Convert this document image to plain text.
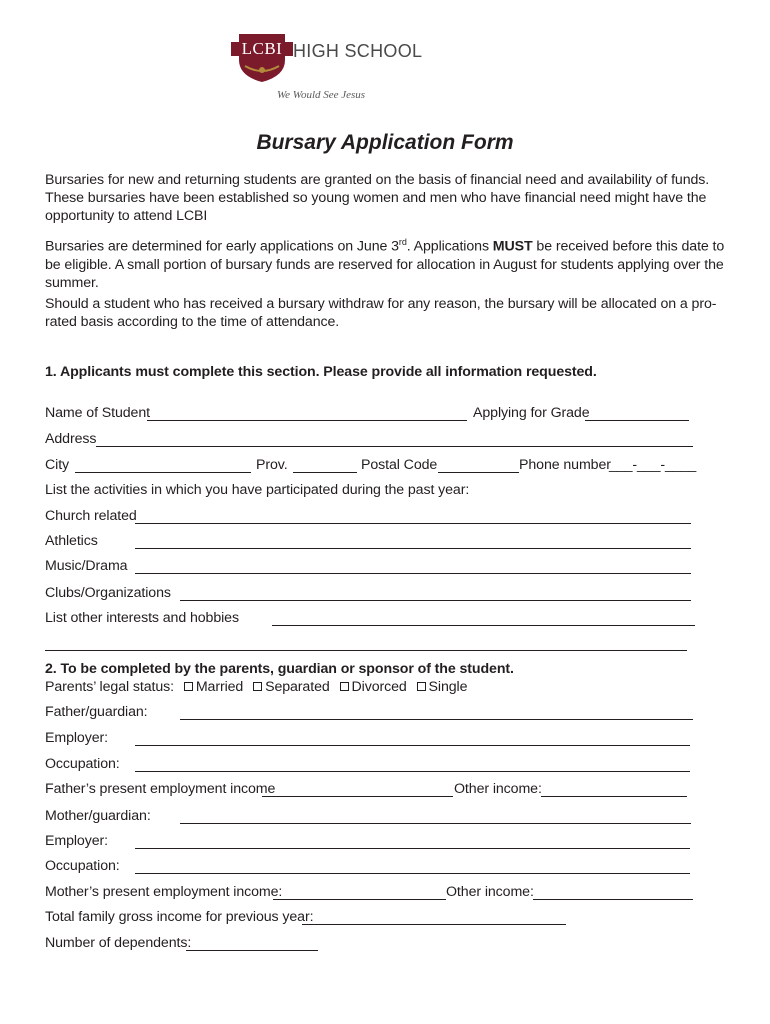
LCBI HIGH SCHOOL
We Would See Jesus
Bursary Application Form
Bursaries for new and returning students are granted on the basis of financial need and availability of funds. These bursaries have been established so young women and men who have financial need might have the opportunity to attend LCBI
Bursaries are determined for early applications on June 3rd. Applications MUST be received before this date to be eligible. A small portion of bursary funds are reserved for allocation in August for students applying over the summer.
Should a student who has received a bursary withdraw for any reason, the bursary will be allocated on a pro-rated basis according to the time of attendance.
1. Applicants must complete this section. Please provide all information requested.
Name of Student	Applying for Grade
Address
City	Prov.	Postal Code	Phone number
___-___-____
List the activities in which you have participated during the past year:
Church related
Athletics
Music/Drama
Clubs/Organizations
List other interests and hobbies
2. To be completed by the parents, guardian or sponsor of the student.
Parents’ legal status: Married Separated Divorced Single
Father/guardian:
Employer:
Occupation:
Father’s present employment income	Other income:
Mother/guardian:
Employer:
Occupation:
Mother’s present employment income:	Other income:
Total family gross income for previous year:
Number of dependents:
